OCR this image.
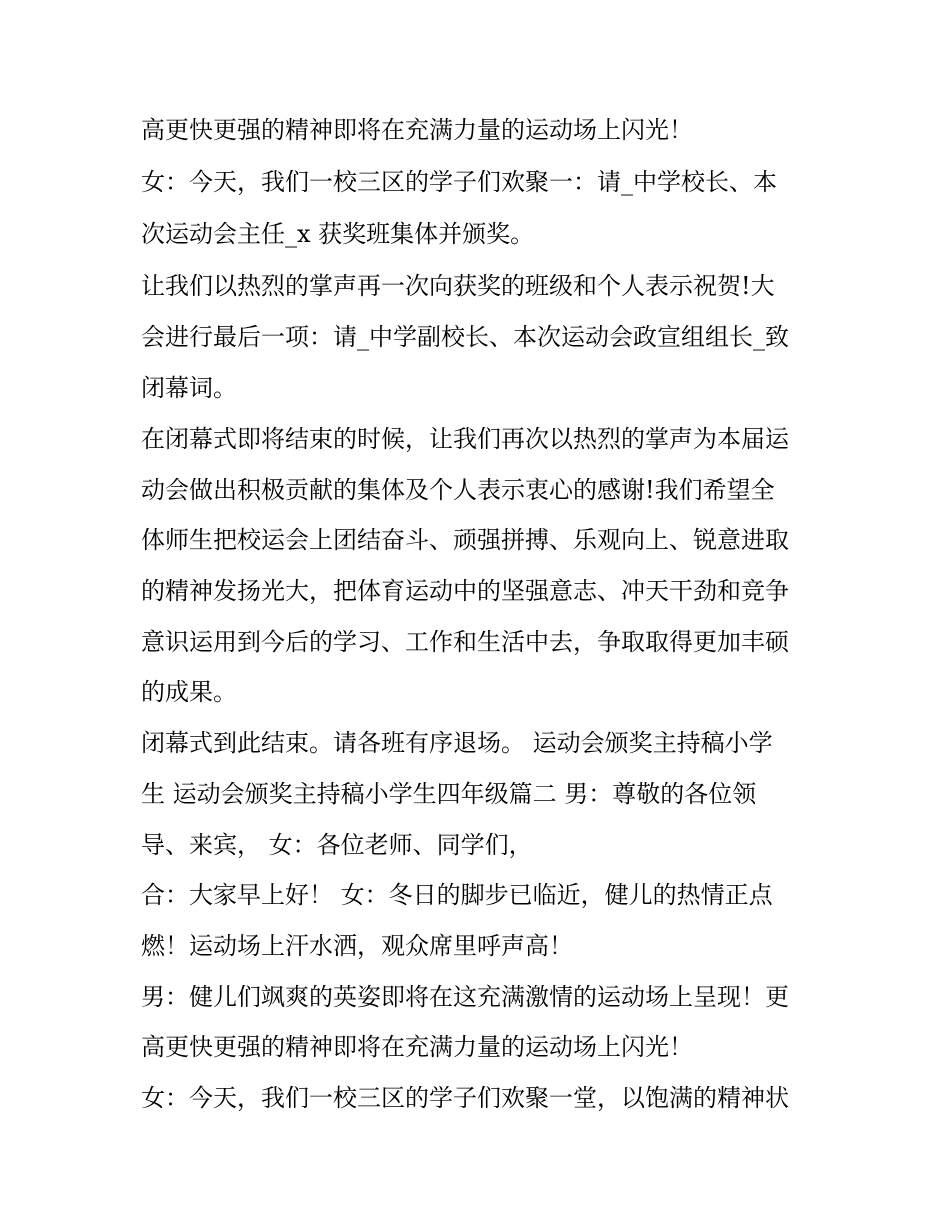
高更快更强的精神即将在充满力量的运动场上闪光！
女：今天，我们一校三区的学子们欢聚一：请_中学校长、本
次运动会主任_x 获奖班集体并颁奖。
让我们以热烈的掌声再一次向获奖的班级和个人表示祝贺!大
会进行最后一项：请_中学副校长、本次运动会政宣组组长_致
闭幕词。
在闭幕式即将结束的时候，让我们再次以热烈的掌声为本届运
动会做出积极贡献的集体及个人表示衷心的感谢!我们希望全
体师生把校运会上团结奋斗、顽强拼搏、乐观向上、锐意进取
的精神发扬光大，把体育运动中的坚强意志、冲天干劲和竞争
意识运用到今后的学习、工作和生活中去，争取取得更加丰硕
的成果。
闭幕式到此结束。请各班有序退场。 运动会颁奖主持稿小学
生 运动会颁奖主持稿小学生四年级篇二 男：尊敬的各位领
导、来宾， 女：各位老师、同学们，
合：大家早上好！ 女：冬日的脚步已临近，健儿的热情正点
燃！运动场上汗水洒，观众席里呼声高！
男：健儿们飒爽的英姿即将在这充满激情的运动场上呈现！更
高更快更强的精神即将在充满力量的运动场上闪光！
女：今天，我们一校三区的学子们欢聚一堂，以饱满的精神状
